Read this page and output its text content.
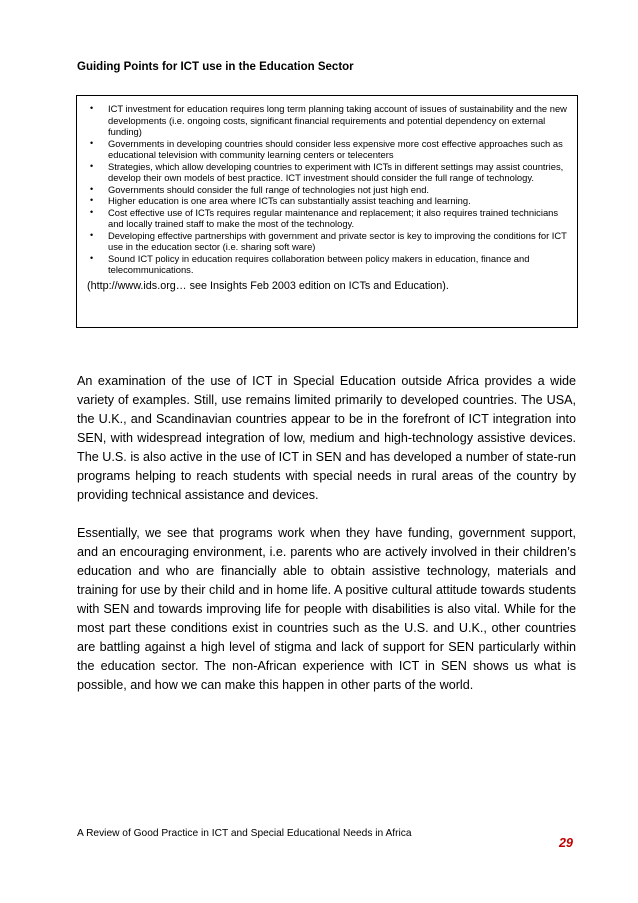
Guiding Points for ICT use in the Education Sector
• ICT investment for education requires long term planning taking account of issues of sustainability and the new developments (i.e. ongoing costs, significant financial requirements and potential dependency on external funding)
• Governments in developing countries should consider less expensive more cost effective approaches such as educational television with community learning centers or telecenters
• Strategies, which allow developing countries to experiment with ICTs in different settings may assist countries, develop their own models of best practice. ICT investment should consider the full range of technology.
• Governments should consider the full range of technologies not just high end.
• Higher education is one area where ICTs can substantially assist teaching and learning.
• Cost effective use of ICTs requires regular maintenance and replacement; it also requires trained technicians and locally trained staff to make the most of the technology.
• Developing effective partnerships with government and private sector is key to improving the conditions for ICT use in the education sector (i.e. sharing soft ware)
• Sound ICT policy in education requires collaboration between policy makers in education, finance and telecommunications.
(http://www.ids.org… see Insights Feb 2003 edition on ICTs and Education).

An examination of the use of ICT in Special Education outside Africa provides a wide variety of examples. Still, use remains limited primarily to developed countries. The USA, the U.K., and Scandinavian countries appear to be in the forefront of ICT integration into SEN, with widespread integration of low, medium and high-technology assistive devices. The U.S. is also active in the use of ICT in SEN and has developed a number of state-run programs helping to reach students with special needs in rural areas of the country by providing technical assistance and devices.

Essentially, we see that programs work when they have funding, government support, and an encouraging environment, i.e. parents who are actively involved in their children’s education and who are financially able to obtain assistive technology, materials and training for use by their child and in home life. A positive cultural attitude towards students with SEN and towards improving life for people with disabilities is also vital. While for the most part these conditions exist in countries such as the U.S. and U.K., other countries are battling against a high level of stigma and lack of support for SEN particularly within the education sector. The non-African experience with ICT in SEN shows us what is possible, and how we can make this happen in other parts of the world.

A Review of Good Practice in ICT and Special Educational Needs in Africa
29
